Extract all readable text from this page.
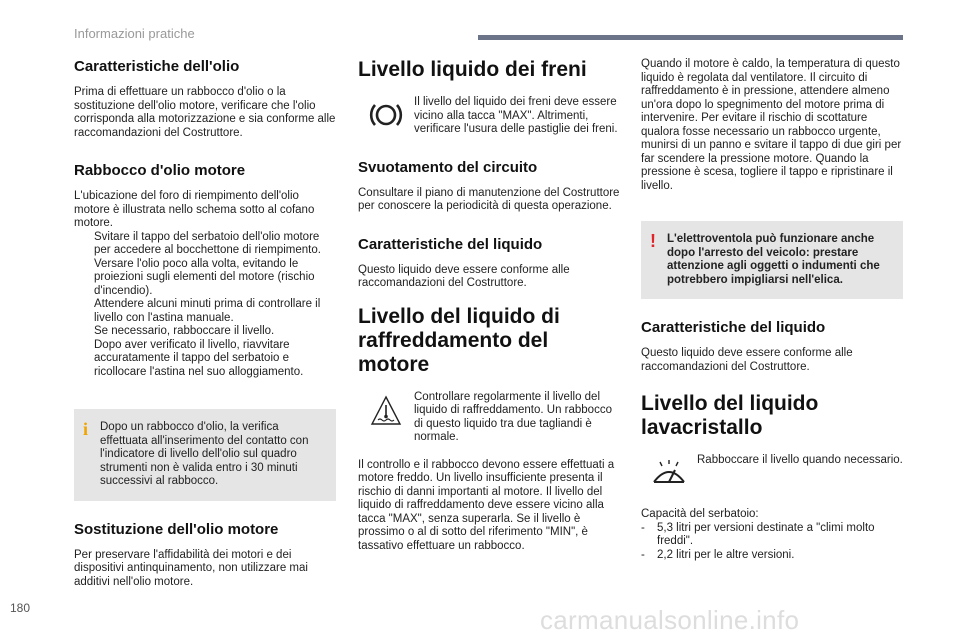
Informazioni pratiche
Caratteristiche dell'olio

Prima di effettuare un rabbocco d'olio o la sostituzione dell'olio motore, verificare che l'olio corrisponda alla motorizzazione e sia conforme alle raccomandazioni del Costruttore.

Rabbocco d'olio motore

L'ubicazione del foro di riempimento dell'olio motore è illustrata nello schema sotto al cofano motore.

Svitare il tappo del serbatoio dell'olio motore per accedere al bocchettone di riempimento.
Versare l'olio poco alla volta, evitando le proiezioni sugli elementi del motore (rischio d'incendio).
Attendere alcuni minuti prima di controllare il livello con l'astina manuale.
Se necessario, rabboccare il livello.
Dopo aver verificato il livello, riavvitare accuratamente il tappo del serbatoio e ricollocare l'astina nel suo alloggiamento.
i Dopo un rabbocco d'olio, la verifica effettuata all'inserimento del contatto con l'indicatore di livello dell'olio sul quadro strumenti non è valida entro i 30 minuti successivi al rabbocco.

Sostituzione dell'olio motore

Per preservare l'affidabilità dei motori e dei dispositivi antinquinamento, non utilizzare mai additivi nell'olio motore.

Livello liquido dei freni

Il livello del liquido dei freni deve essere vicino alla tacca "MAX". Altrimenti, verificare l'usura delle pastiglie dei freni.

Svuotamento del circuito

Consultare il piano di manutenzione del Costruttore per conoscere la periodicità di questa operazione.

Caratteristiche del liquido

Questo liquido deve essere conforme alle raccomandazioni del Costruttore.

Livello del liquido di raffreddamento del motore

Controllare regolarmente il livello del liquido di raffreddamento. Un rabbocco di questo liquido tra due tagliandi è normale.

Il controllo e il rabbocco devono essere effettuati a motore freddo. Un livello insufficiente presenta il rischio di danni importanti al motore. Il livello del liquido di raffreddamento deve essere vicino alla tacca "MAX", senza superarla. Se il livello è prossimo o al di sotto del riferimento "MIN", è tassativo effettuare un rabbocco.

Quando il motore è caldo, la temperatura di questo liquido è regolata dal ventilatore. Il circuito di raffreddamento è in pressione, attendere almeno un'ora dopo lo spegnimento del motore prima di intervenire. Per evitare il rischio di scottature qualora fosse necessario un rabbocco urgente, munirsi di un panno e svitare il tappo di due giri per far scendere la pressione motore. Quando la pressione è scesa, togliere il tappo e ripristinare il livello.

! L'elettroventola può funzionare anche dopo l'arresto del veicolo: prestare attenzione agli oggetti o indumenti che potrebbero impigliarsi nell'elica.

Caratteristiche del liquido

Questo liquido deve essere conforme alle raccomandazioni del Costruttore.

Livello del liquido lavacristallo

Rabboccare il livello quando necessario.

Capacità del serbatoio:

- 5,3 litri per versioni destinate a "climi molto freddi".
- 2,2 litri per le altre versioni.
180	carmanualsonline.info
